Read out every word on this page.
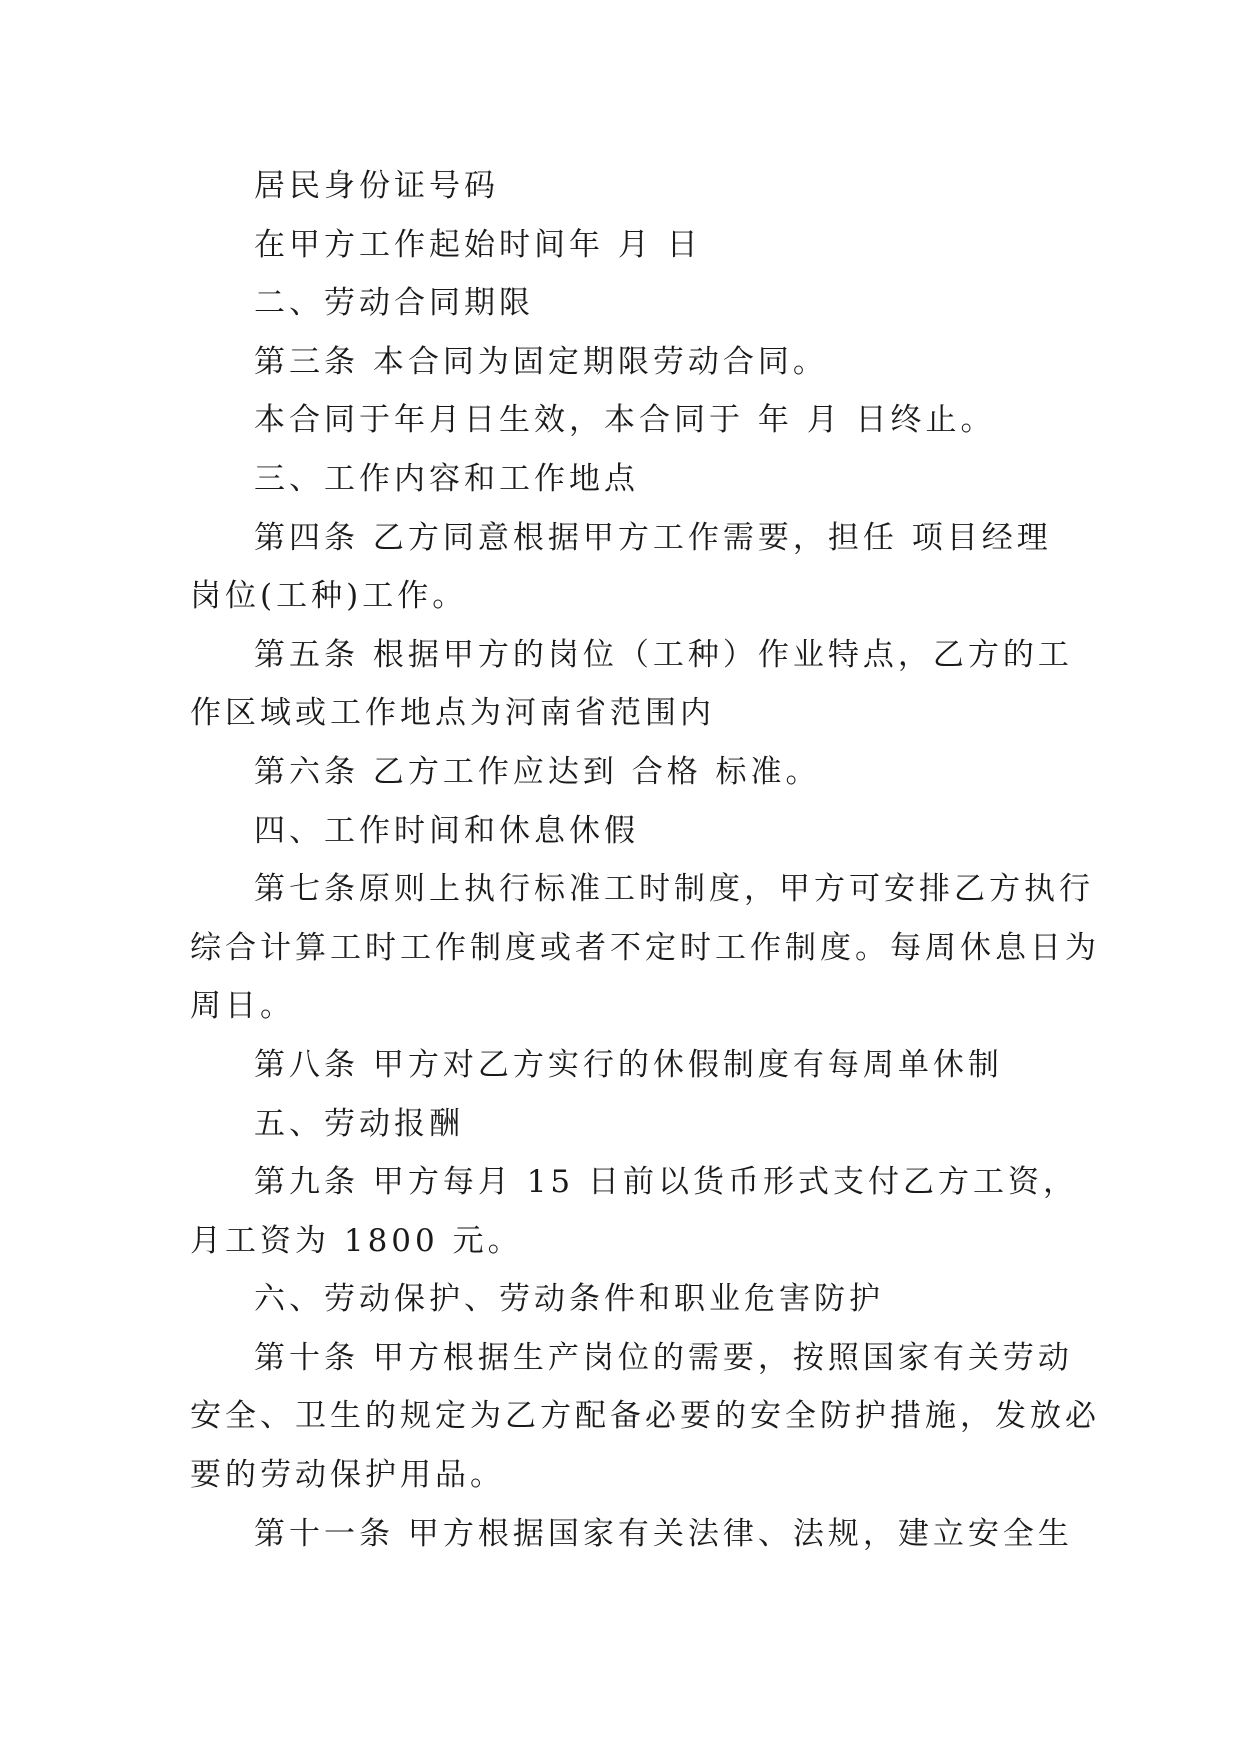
居民身份证号码
在甲方工作起始时间年 月 日
二、劳动合同期限
第三条 本合同为固定期限劳动合同。
本合同于年月日生效，本合同于 年 月 日终止。
三、工作内容和工作地点
第四条 乙方同意根据甲方工作需要，担任 项目经理
岗位(工种)工作。
第五条 根据甲方的岗位（工种）作业特点，乙方的工
作区域或工作地点为河南省范围内
第六条 乙方工作应达到 合格 标准。
四、工作时间和休息休假
第七条原则上执行标准工时制度，甲方可安排乙方执行
综合计算工时工作制度或者不定时工作制度。每周休息日为
周日。
第八条 甲方对乙方实行的休假制度有每周单休制
五、劳动报酬
第九条 甲方每月 15 日前以货币形式支付乙方工资，
月工资为 1800 元。
六、劳动保护、劳动条件和职业危害防护
第十条 甲方根据生产岗位的需要，按照国家有关劳动
安全、卫生的规定为乙方配备必要的安全防护措施，发放必
要的劳动保护用品。
第十一条 甲方根据国家有关法律、法规，建立安全生
